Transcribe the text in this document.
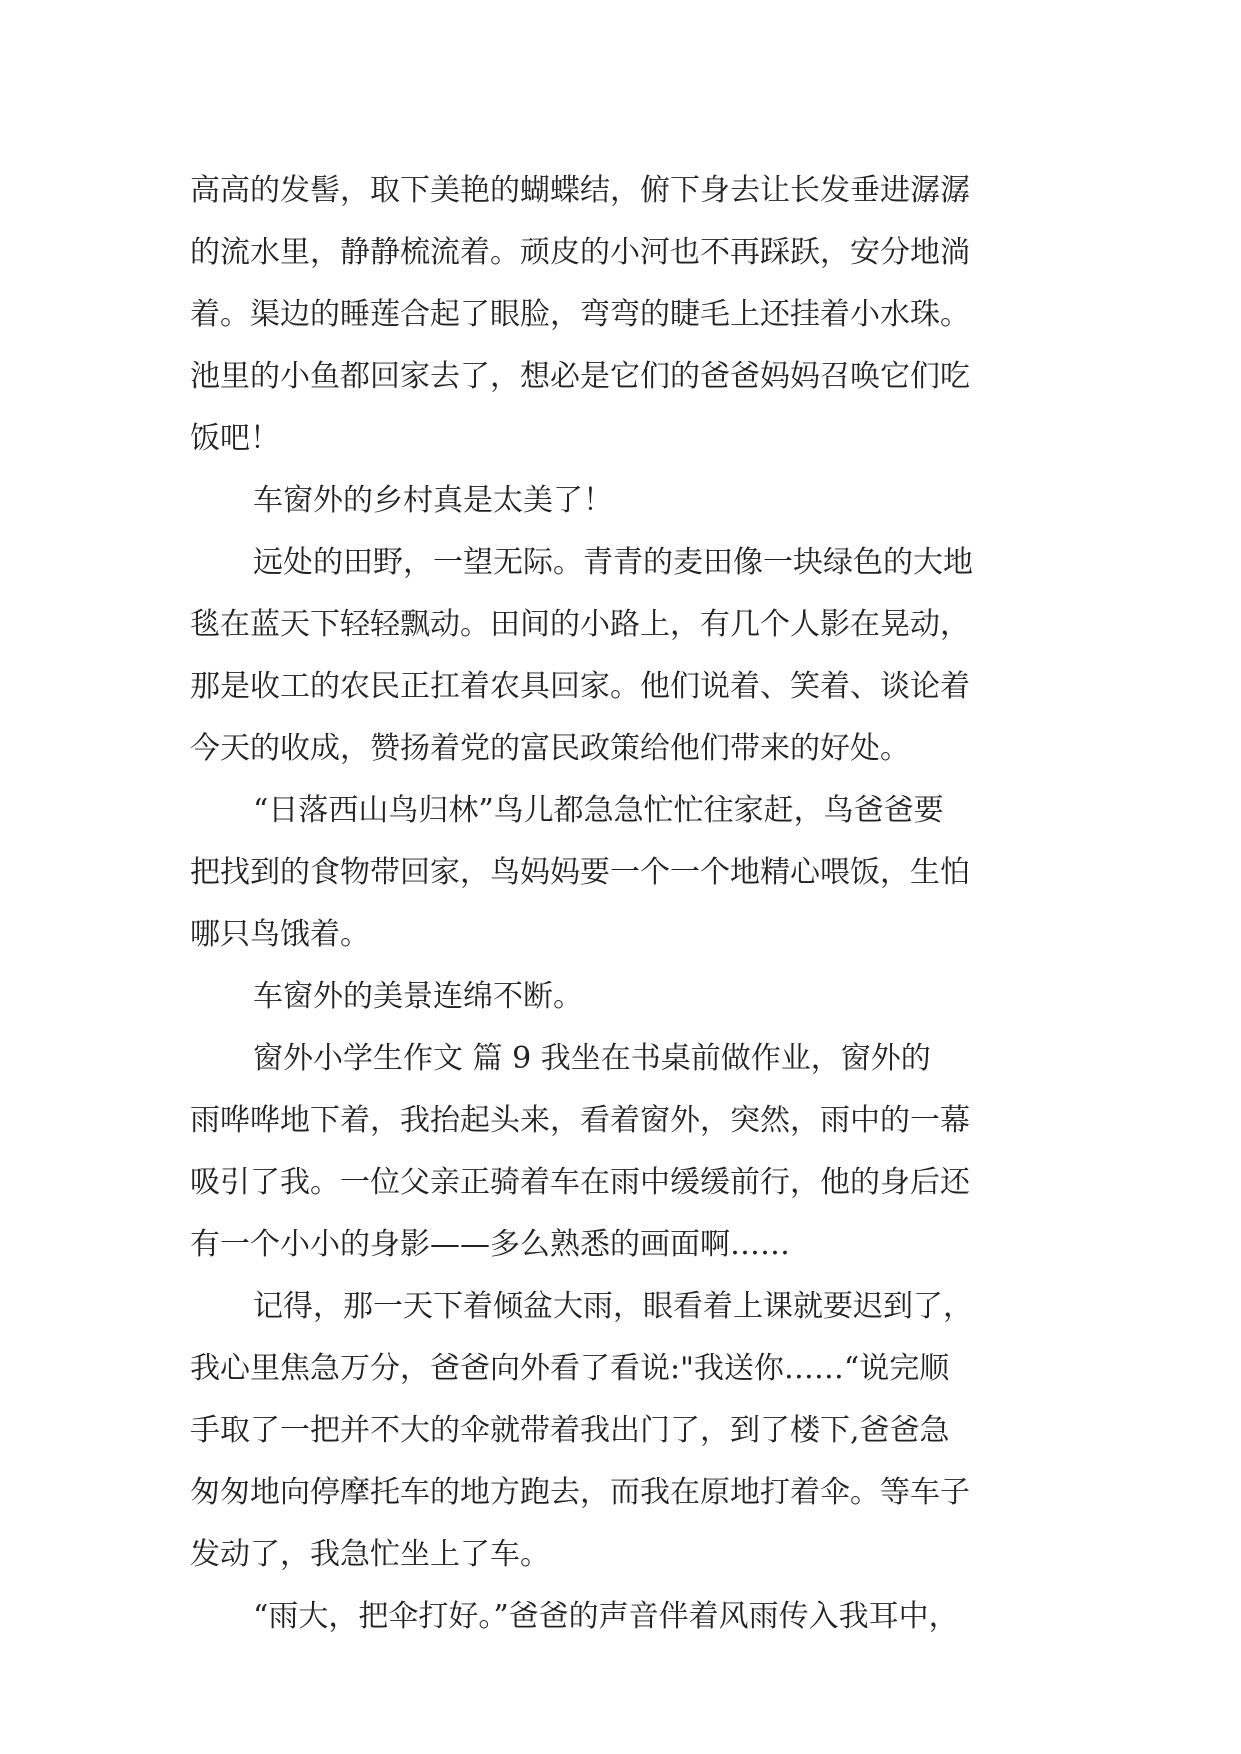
高高的发髻，取下美艳的蝴蝶结，俯下身去让长发垂进潺潺
的流水里，静静梳流着。顽皮的小河也不再踩跃，安分地淌
着。渠边的睡莲合起了眼脸，弯弯的睫毛上还挂着小水珠。
池里的小鱼都回家去了，想必是它们的爸爸妈妈召唤它们吃
饭吧！
车窗外的乡村真是太美了！
远处的田野，一望无际。青青的麦田像一块绿色的大地
毯在蓝天下轻轻飘动。田间的小路上，有几个人影在晃动，
那是收工的农民正扛着农具回家。他们说着、笑着、谈论着
今天的收成，赞扬着党的富民政策给他们带来的好处。
“日落西山鸟归林”鸟儿都急急忙忙往家赶，鸟爸爸要
把找到的食物带回家，鸟妈妈要一个一个地精心喂饭，生怕
哪只鸟饿着。
车窗外的美景连绵不断。
窗外小学生作文 篇 9 我坐在书桌前做作业，窗外的
雨哗哗地下着，我抬起头来，看着窗外，突然，雨中的一幕
吸引了我。一位父亲正骑着车在雨中缓缓前行，他的身后还
有一个小小的身影——多么熟悉的画面啊……
记得，那一天下着倾盆大雨，眼看着上课就要迟到了，
我心里焦急万分，爸爸向外看了看说:"我送你……“说完顺
手取了一把并不大的伞就带着我出门了，到了楼下,爸爸急
匆匆地向停摩托车的地方跑去，而我在原地打着伞。等车子
发动了，我急忙坐上了车。
“雨大，把伞打好。”爸爸的声音伴着风雨传入我耳中，
